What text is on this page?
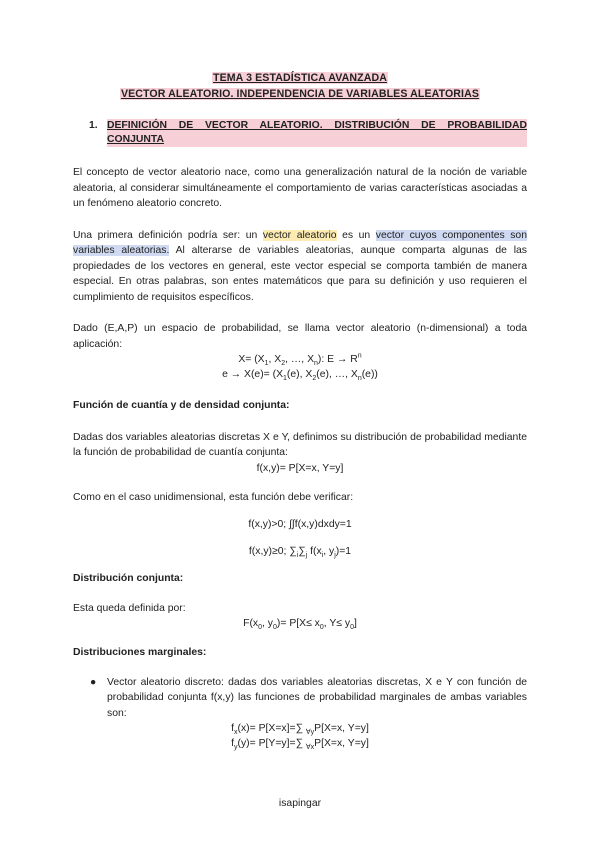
TEMA 3 ESTADÍSTICA AVANZADA
VECTOR ALEATORIO. INDEPENDENCIA DE VARIABLES ALEATORIAS
1. DEFINICIÓN DE VECTOR ALEATORIO. DISTRIBUCIÓN DE PROBABILIDAD CONJUNTA

El concepto de vector aleatorio nace, como una generalización natural de la noción de variable aleatoria, al considerar simultáneamente el comportamiento de varias características asociadas a un fenómeno aleatorio concreto.

Una primera definición podría ser: un vector aleatorio es un vector cuyos componentes son variables aleatorias. Al alterarse de variables aleatorias, aunque comparta algunas de las propiedades de los vectores en general, este vector especial se comporta también de manera especial. En otras palabras, son entes matemáticos que para su definición y uso requieren el cumplimiento de requisitos específicos.

Dado (E,A,P) un espacio de probabilidad, se llama vector aleatorio (n-dimensional) a toda aplicación:

$X= (X_1$, $X_2$, …, $X_n$): $E \to R^n$
$e \to X(e)= (X_1(e)$, $X_2(e)$, …, $X_n(e)$)

Función de cuantía y de densidad conjunta:

Dadas dos variables aleatorias discretas X e Y, definimos su distribución de probabilidad mediante la función de probabilidad de cuantía conjunta:

f(x,y)= P[X=x, Y=y]

Como en el caso unidimensional, esta función debe verificar:

f(x,y)>0; ∫∫f(x,y)dxdy=1
f(x,y)≥0; $\sum_i\sum_j$ $f(x_i$, $y_j)=1$

Distribución conjunta:

Esta queda definida por:

$F(x_0$, $y_0)= P[X\le x_0$, $Y\le y_0$]

Distribuciones marginales:

● Vector aleatorio discreto: dadas dos variables aleatorias discretas, X e Y con función de probabilidad conjunta f(x,y) las funciones de probabilidad marginales de ambas variables son:
$f_x(x)= P[X=x]=\sum$ $_{\forall y}$P[X=x, Y=y]
$f_y(y)= P[Y=y]=\sum$ $_{\forall x}$P[X=x, Y=y]
isapingar
